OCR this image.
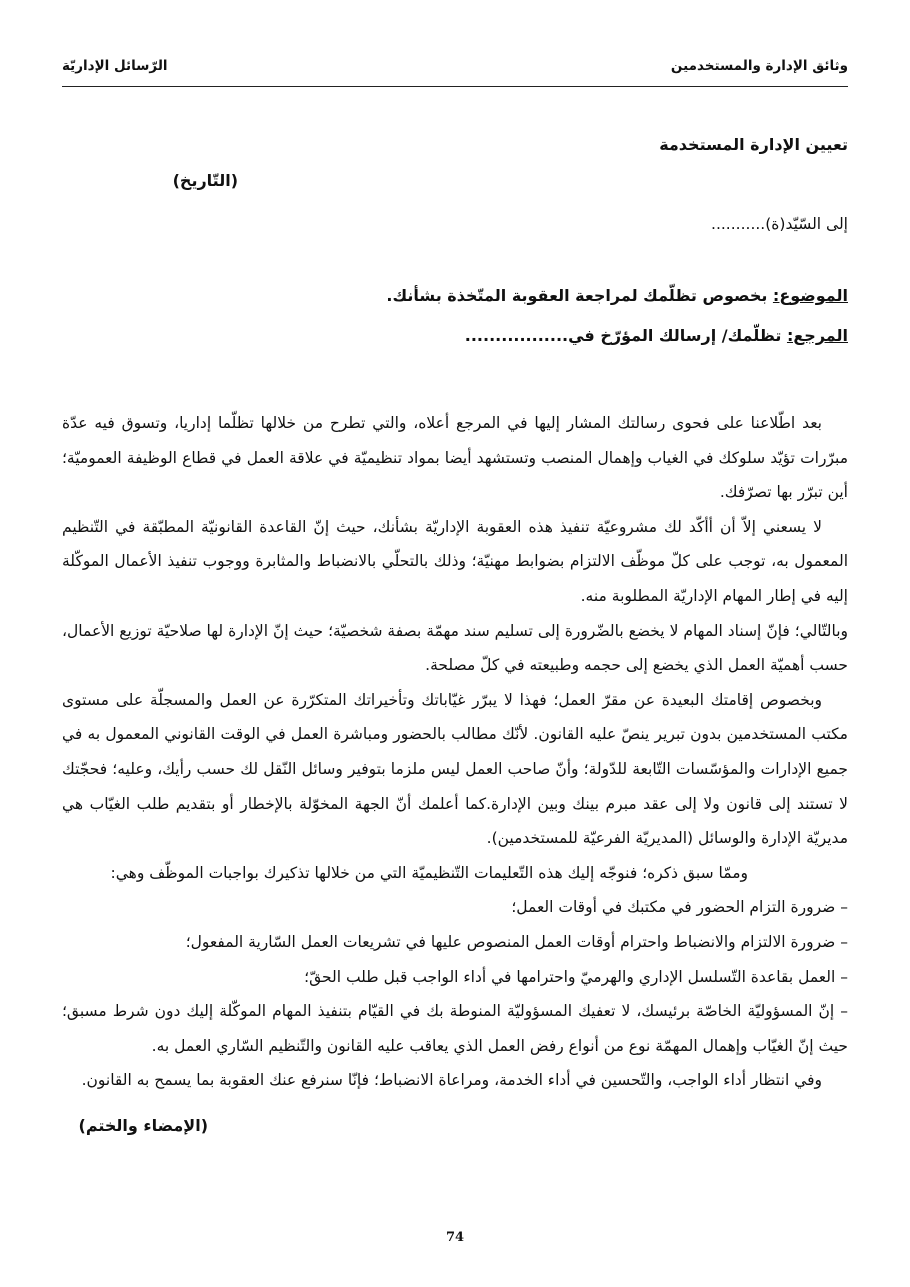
وثائق الإدارة والمستخدمين
الرّسائل الإداريّة
تعيين الإدارة المستخدمة
(التّاريخ)
إلى السّيّد(ة)...........
الموضوع: بخصوص تظلّمك لمراجعة العقوبة المتّخذة بشأنك.
المرجع: تظلّمك/ إرسالك المؤرّخ في.................

بعد اطّلاعنا على فحوى رسالتك المشار إليها في المرجع أعلاه، والتي تطرح من خلالها تظلّما إداريا، وتسوق فيه عدّة مبرّرات تؤيّد سلوكك في الغياب وإهمال المنصب وتستشهد أيضا بمواد تنظيميّة في علاقة العمل في قطاع الوظيفة العموميّة؛ أين تبرّر بها تصرّفك.

لا يسعني إلاّ أن أأكّد لك مشروعيّة تنفيذ هذه العقوبة الإداريّة بشأنك، حيث إنّ القاعدة القانونيّة المطبّقة في التّنظيم المعمول به، توجب على كلّ موظّف الالتزام بضوابط مهنيّة؛ وذلك بالتحلّي بالانضباط والمثابرة ووجوب تنفيذ الأعمال الموكّلة إليه في إطار المهام الإداريّة المطلوبة منه.

وبالتّالي؛ فإنّ إسناد المهام لا يخضع بالضّرورة إلى تسليم سند مهمّة بصفة شخصيّة؛ حيث إنّ الإدارة لها صلاحيّة توزيع الأعمال، حسب أهميّة العمل الذي يخضع إلى حجمه وطبيعته في كلّ مصلحة.

وبخصوص إقامتك البعيدة عن مقرّ العمل؛ فهذا لا يبرّر غيّاباتك وتأخيراتك المتكرّرة عن العمل والمسجلّة على مستوى مكتب المستخدمين بدون تبرير ينصّ عليه القانون. لأنّك مطالب بالحضور ومباشرة العمل في الوقت القانوني المعمول به في جميع الإدارات والمؤسّسات التّابعة للدّولة؛ وأنّ صاحب العمل ليس ملزما بتوفير وسائل النّقل لك حسب رأيك، وعليه؛ فحجّتك لا تستند إلى قانون ولا إلى عقد مبرم بينك وبين الإدارة.كما أعلمك أنّ الجهة المخوّلة بالإخطار أو بتقديم طلب الغيّاب هي مديريّة الإدارة والوسائل (المديريّة الفرعيّة للمستخدمين).

وممّا سبق ذكره؛ فنوجّه إليك هذه التّعليمات التّنظيميّة التي من خلالها تذكيرك بواجبات الموظّف وهي:

– ضرورة التزام الحضور في مكتبك في أوقات العمل؛

– ضرورة الالتزام والانضباط واحترام أوقات العمل المنصوص عليها في تشريعات العمل السّارية المفعول؛

– العمل بقاعدة التّسلسل الإداري والهرميّ واحترامها في أداء الواجب قبل طلب الحقّ؛

– إنّ المسؤوليّة الخاصّة برئيسك، لا تعفيك المسؤوليّة المنوطة بك في القيّام بتنفيذ المهام الموكّلة إليك دون شرط مسبق؛ حيث إنّ الغيّاب وإهمال المهمّة نوع من أنواع رفض العمل الذي يعاقب عليه القانون والتّنظيم السّاري العمل به.

وفي انتظار أداء الواجب، والتّحسين في أداء الخدمة، ومراعاة الانضباط؛ فإنّا سنرفع عنك العقوبة بما يسمح به القانون.

(الإمضاء والختم)
74
